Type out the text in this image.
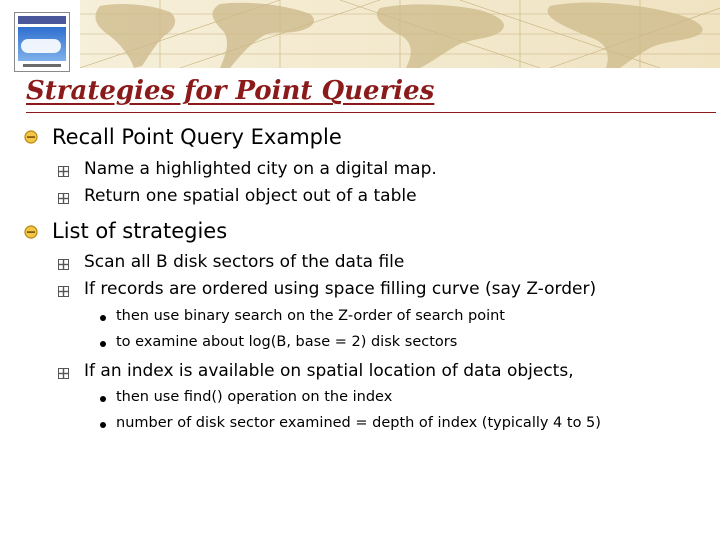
Strategies for Point Queries
Recall Point Query Example
Name a highlighted city on a digital map.
Return one spatial object out of a table
List of strategies
Scan all B disk sectors of the data file
If records are ordered using space filling curve (say Z-order)
then use binary search on the Z-order of search point
to examine about log(B, base = 2) disk sectors
If an index is available on spatial location of data objects,
then use find() operation on the index
number of disk sector examined = depth of index (typically 4 to 5)
